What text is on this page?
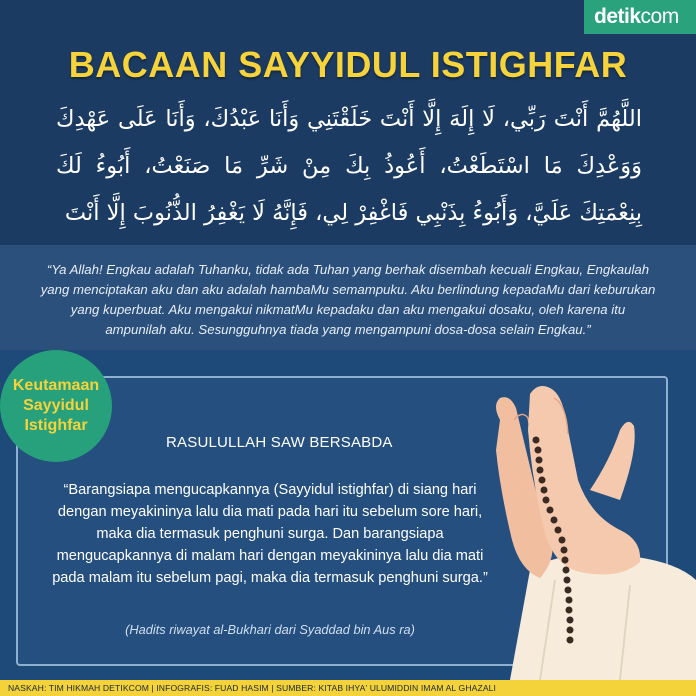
detikcom
BACAAN SAYYIDUL ISTIGHFAR
اللَّهُمَّ أَنْتَ رَبِّي، لَا إِلَهَ إِلَّا أَنْتَ خَلَقْتَنِي وَأَنَا عَبْدُكَ، وَأَنَا عَلَى عَهْدِكَ وَوَعْدِكَ مَا اسْتَطَعْتُ، أَعُوذُ بِكَ مِنْ شَرِّ مَا صَنَعْتُ، أَبُوءُ لَكَ بِنِعْمَتِكَ عَلَيَّ، وَأَبُوءُ بِذَنْبِي فَاغْفِرْ لِي، فَإِنَّهُ لَا يَغْفِرُ الذُّنُوبَ إِلَّا أَنْتَ
“Ya Allah! Engkau adalah Tuhanku, tidak ada Tuhan yang berhak disembah kecuali Engkau, Engkaulah yang menciptakan aku dan aku adalah hambaMu semampuku. Aku berlindung kepadaMu dari keburukan yang kuperbuat. Aku mengakui nikmatMu kepadaku dan aku mengakui dosaku, oleh karena itu ampunilah aku. Sesungguhnya tiada yang mengampuni dosa-dosa selain Engkau.”
Keutamaan
Sayyidul
Istighfar
RASULULLAH SAW BERSABDA
“Barangsiapa mengucapkannya (Sayyidul istighfar) di siang hari dengan meyakininya lalu dia mati pada hari itu sebelum sore hari, maka dia termasuk penghuni surga. Dan barangsiapa mengucapkannya di malam hari dengan meyakininya lalu dia mati pada malam itu sebelum pagi, maka dia termasuk penghuni surga.”
(Hadits riwayat al-Bukhari dari Syaddad bin Aus ra)
NASKAH: TIM HIKMAH DETIKCOM | INFOGRAFIS: FUAD HASIM | SUMBER: KITAB IHYA' ULUMIDDIN IMAM AL GHAZALI
